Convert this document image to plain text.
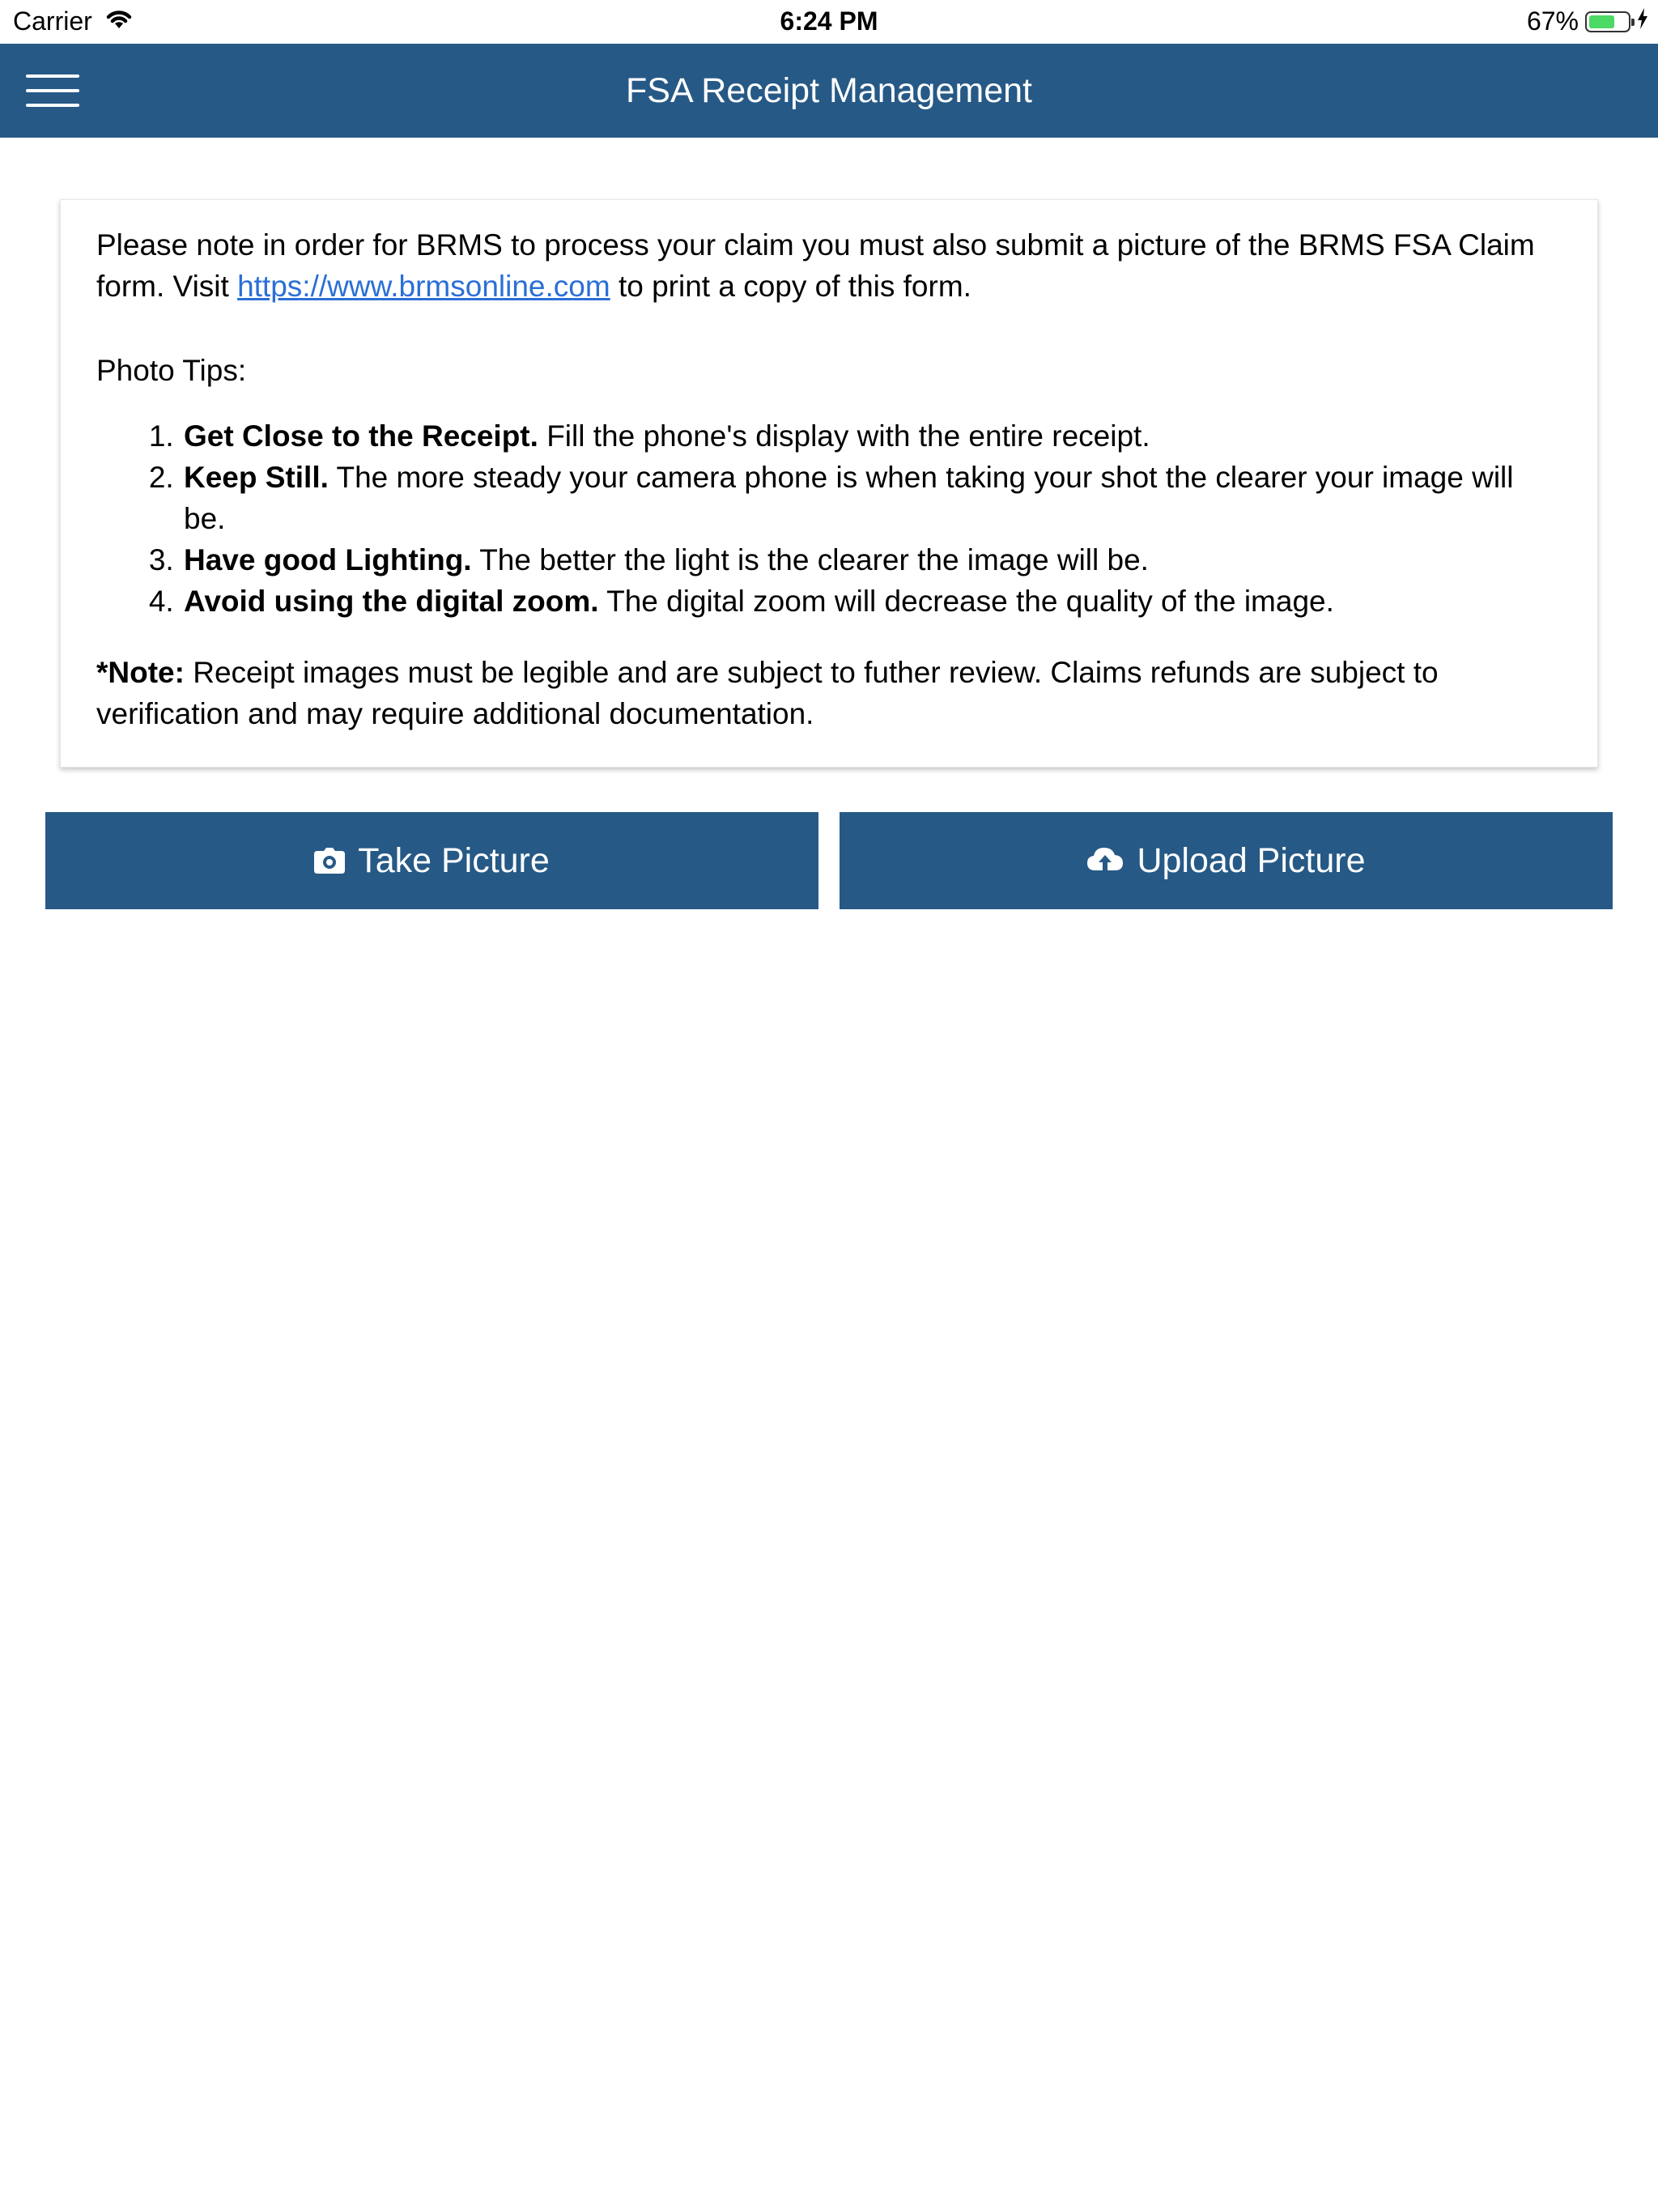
Carrier	6:24 PM	67%
FSA Receipt Management

Please note in order for BRMS to process your claim you must also submit a picture of the BRMS FSA Claim form. Visit https://www.brmsonline.com to print a copy of this form.

Photo Tips:

1. Get Close to the Receipt. Fill the phone's display with the entire receipt.
2. Keep Still. The more steady your camera phone is when taking your shot the clearer your image will be.
3. Have good Lighting. The better the light is the clearer the image will be.
4. Avoid using the digital zoom. The digital zoom will decrease the quality of the image.

*Note: Receipt images must be legible and are subject to futher review. Claims refunds are subject to verification and may require additional documentation.

Take Picture	Upload Picture
